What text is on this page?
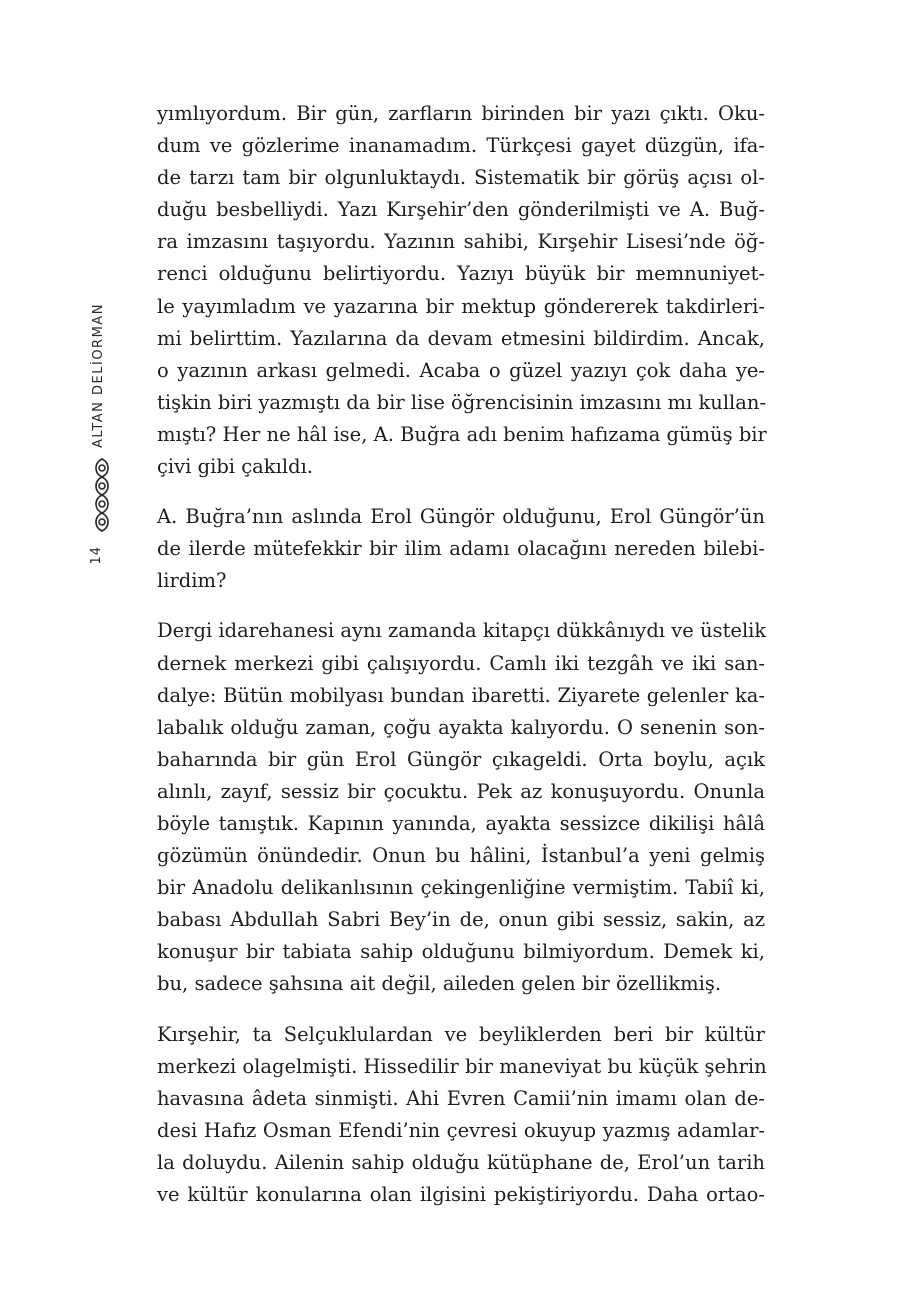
ALTAN DELİORMAN
14

yımlıyordum. Bir gün, zarfların birinden bir yazı çıktı. Oku-
dum ve gözlerime inanamadım. Türkçesi gayet düzgün, ifa-
de tarzı tam bir olgunluktaydı. Sistematik bir görüş açısı ol-
duğu besbelliydi. Yazı Kırşehir’den gönderilmişti ve A. Buğ-
ra imzasını taşıyordu. Yazının sahibi, Kırşehir Lisesi’nde öğ-
renci olduğunu belirtiyordu. Yazıyı büyük bir memnuniyet-
le yayımladım ve yazarına bir mektup göndererek takdirleri-
mi belirttim. Yazılarına da devam etmesini bildirdim. Ancak,
o yazının arkası gelmedi. Acaba o güzel yazıyı çok daha ye-
tişkin biri yazmıştı da bir lise öğrencisinin imzasını mı kullan-
mıştı? Her ne hâl ise, A. Buğra adı benim hafızama gümüş bir
çivi gibi çakıldı.

A. Buğra’nın aslında Erol Güngör olduğunu, Erol Güngör’ün
de ilerde mütefekkir bir ilim adamı olacağını nereden bilebi-
lirdim?

Dergi idarehanesi aynı zamanda kitapçı dükkânıydı ve üstelik
dernek merkezi gibi çalışıyordu. Camlı iki tezgâh ve iki san-
dalye: Bütün mobilyası bundan ibaretti. Ziyarete gelenler ka-
labalık olduğu zaman, çoğu ayakta kalıyordu. O senenin son-
baharında bir gün Erol Güngör çıkageldi. Orta boylu, açık
alınlı, zayıf, sessiz bir çocuktu. Pek az konuşuyordu. Onunla
böyle tanıştık. Kapının yanında, ayakta sessizce dikilişi hâlâ
gözümün önündedir. Onun bu hâlini, İstanbul’a yeni gelmiş
bir Anadolu delikanlısının çekingenliğine vermiştim. Tabiî ki,
babası Abdullah Sabri Bey’in de, onun gibi sessiz, sakin, az
konuşur bir tabiata sahip olduğunu bilmiyordum. Demek ki,
bu, sadece şahsına ait değil, aileden gelen bir özellikmiş.

Kırşehir, ta Selçuklulardan ve beyliklerden beri bir kültür
merkezi olagelmişti. Hissedilir bir maneviyat bu küçük şehrin
havasına âdeta sinmişti. Ahi Evren Camii’nin imamı olan de-
desi Hafız Osman Efendi’nin çevresi okuyup yazmış adamlar-
la doluydu. Ailenin sahip olduğu kütüphane de, Erol’un tarih
ve kültür konularına olan ilgisini pekiştiriyordu. Daha ortao-
